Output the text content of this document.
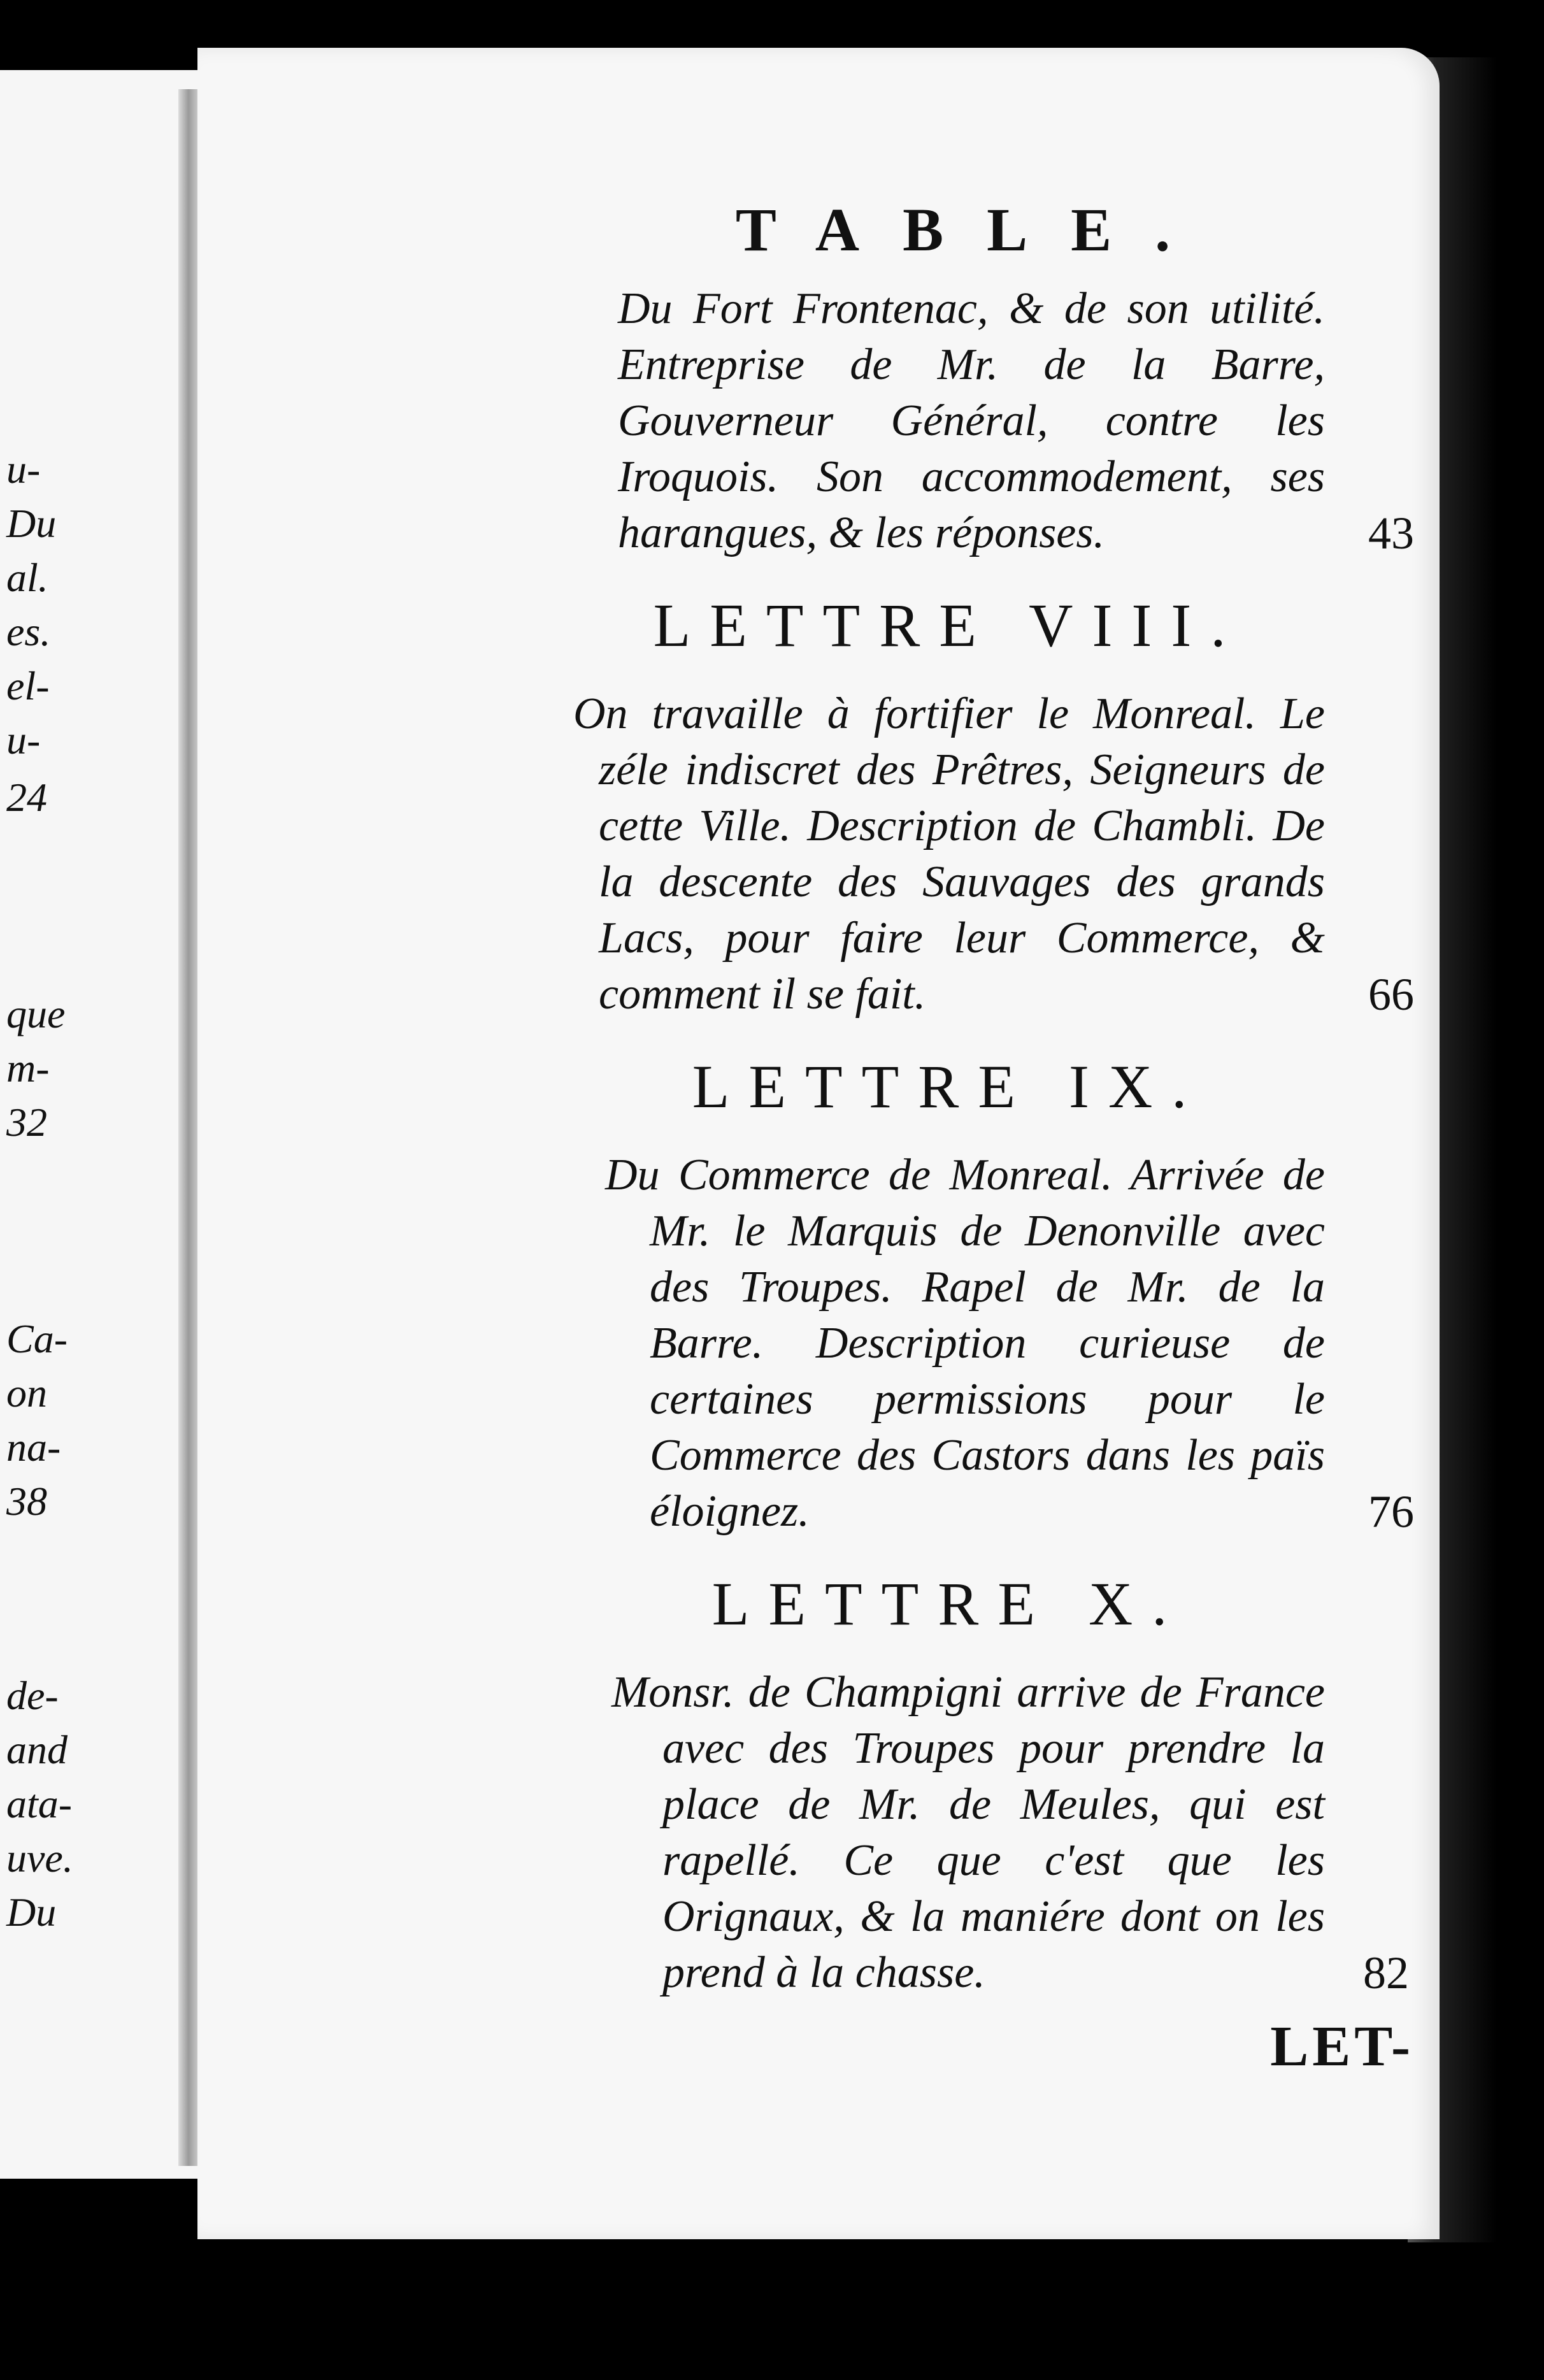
u-
Du
al.
es.
el-
u-
24
que
m-
32
Ca-
on
na-
38
de-
and
ata-
uve.
Du
TABLE.

Du Fort Frontenac, & de son utilité. Entreprise de Mr. de la Barre, Gouverneur Général, contre les Iroquois. Son accommodement, ses harangues, & les réponses.	43
LETTRE VIII.

On travaille à fortifier le Monreal. Le zéle indiscret des Prêtres, Seigneurs de cette Ville. Description de Chambli. De la descente des Sauvages des grands Lacs, pour faire leur Commerce, & comment il se fait.	66
LETTRE IX.

Du Commerce de Monreal. Arrivée de Mr. le Marquis de Denonville avec des Troupes. Rapel de Mr. de la Barre. Description curieuse de certaines permissions pour le Commerce des Castors dans les païs éloignez.	76
LETTRE X.

Monsr. de Champigni arrive de France avec des Troupes pour prendre la place de Mr. de Meules, qui est rapellé. Ce que c'est que les Orignaux, & la maniére dont on les prend à la chasse.	82
LET-
